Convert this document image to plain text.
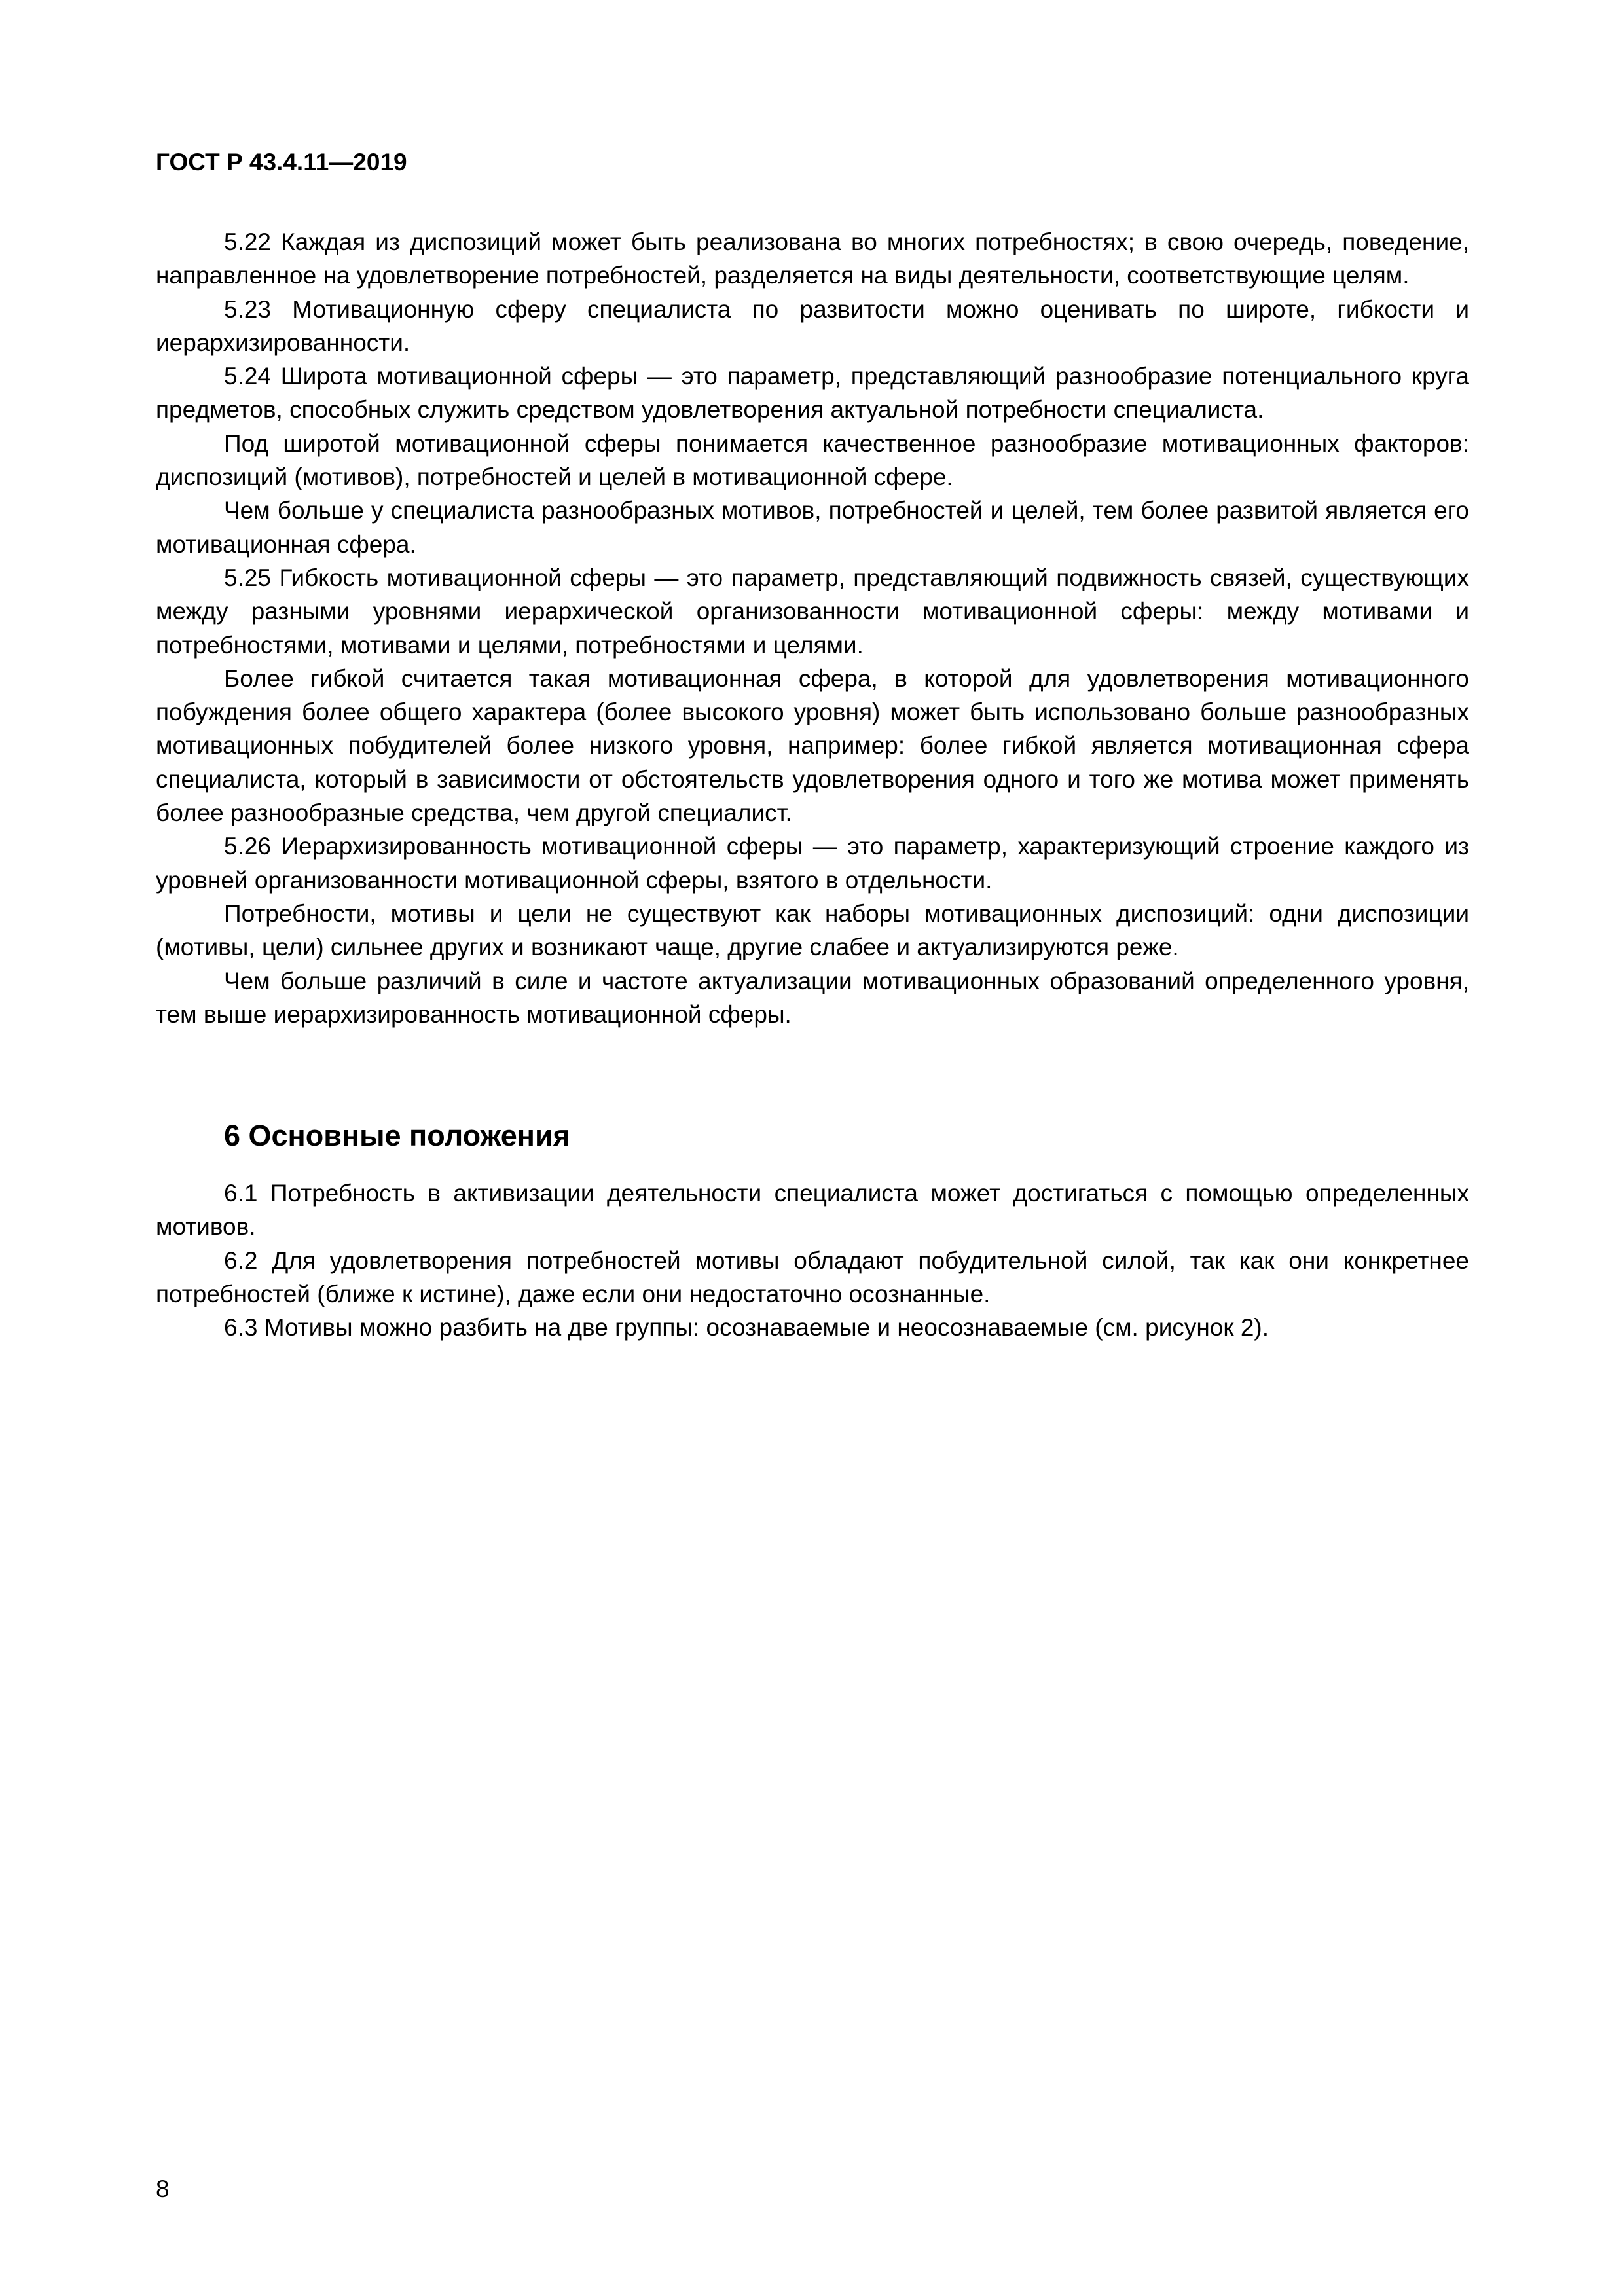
ГОСТ Р 43.4.11—2019

5.22 Каждая из диспозиций может быть реализована во многих потребностях; в свою очередь, поведение, направленное на удовлетворение потребностей, разделяется на виды деятельности, соответствующие целям.

5.23 Мотивационную сферу специалиста по развитости можно оценивать по широте, гибкости и иерархизированности.

5.24 Широта мотивационной сферы — это параметр, представляющий разнообразие потенциального круга предметов, способных служить средством удовлетворения актуальной потребности специалиста.

Под широтой мотивационной сферы понимается качественное разнообразие мотивационных факторов: диспозиций (мотивов), потребностей и целей в мотивационной сфере.

Чем больше у специалиста разнообразных мотивов, потребностей и целей, тем более развитой является его мотивационная сфера.

5.25 Гибкость мотивационной сферы — это параметр, представляющий подвижность связей, существующих между разными уровнями иерархической организованности мотивационной сферы: между мотивами и потребностями, мотивами и целями, потребностями и целями.

Более гибкой считается такая мотивационная сфера, в которой для удовлетворения мотивационного побуждения более общего характера (более высокого уровня) может быть использовано больше разнообразных мотивационных побудителей более низкого уровня, например: более гибкой является мотивационная сфера специалиста, который в зависимости от обстоятельств удовлетворения одного и того же мотива может применять более разнообразные средства, чем другой специалист.

5.26 Иерархизированность мотивационной сферы — это параметр, характеризующий строение каждого из уровней организованности мотивационной сферы, взятого в отдельности.

Потребности, мотивы и цели не существуют как наборы мотивационных диспозиций: одни диспозиции (мотивы, цели) сильнее других и возникают чаще, другие слабее и актуализируются реже.

Чем больше различий в силе и частоте актуализации мотивационных образований определенного уровня, тем выше иерархизированность мотивационной сферы.

6 Основные положения

6.1 Потребность в активизации деятельности специалиста может достигаться с помощью определенных мотивов.

6.2 Для удовлетворения потребностей мотивы обладают побудительной силой, так как они конкретнее потребностей (ближе к истине), даже если они недостаточно осознанные.

6.3 Мотивы можно разбить на две группы: осознаваемые и неосознаваемые (см. рисунок 2).

8
